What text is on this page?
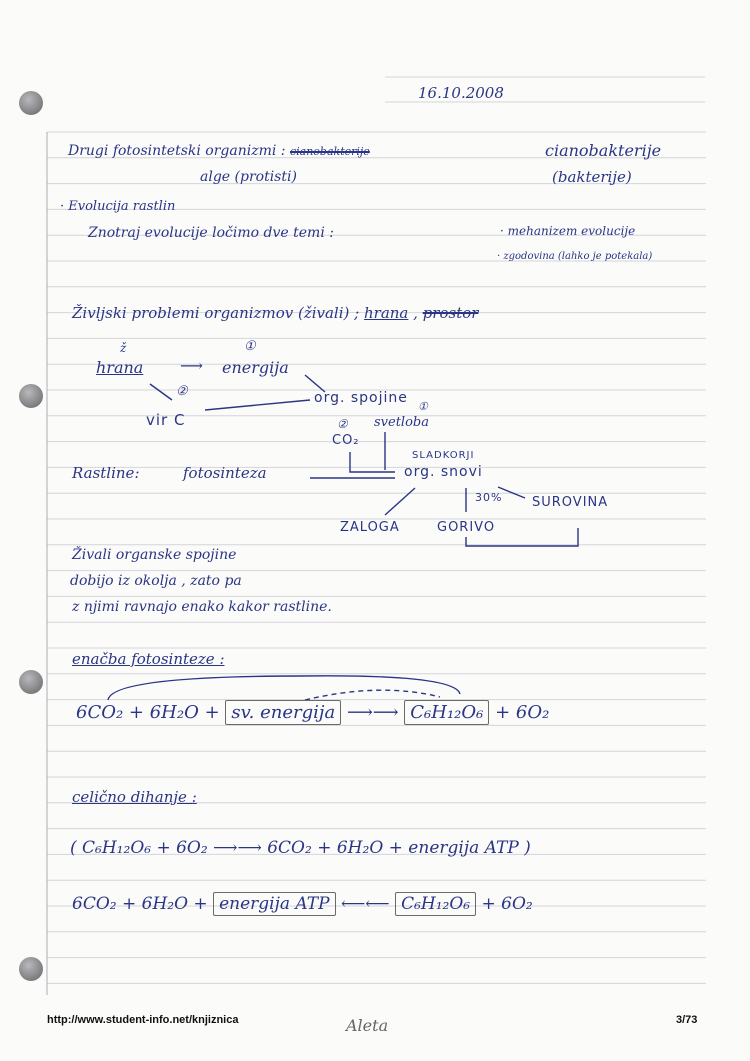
16.10.2008
Drugi fotosintetski organizmi : cianobakterije	cianobakterije
alge (protisti)	(bakterije)
· Evolucija rastlin
Znotraj evolucije ločimo dve temi :	· mehanizem evolucije
· zgodovina (lahko je potekala)
Življski problemi organizmov (živali) ; hrana , prostor
ž
hrana ⟶
①
energija
org. spojine
②
vir C	②
①
CO₂
svetloba
Rastline:	fotosinteza
SLADKORJI
org. snovi
30% SUROVINA
ZALOGA	GORIVO
Živali organske spojine
dobijo iz okolja , zato pa
z njimi ravnajo enako kakor rastline.
enačba fotosinteze :
6CO₂ + 6H₂O + sv. energija ⟶⟶ C₆H₁₂O₆ + 6O₂
celično dihanje :
( C₆H₁₂O₆ + 6O₂ ⟶⟶ 6CO₂ + 6H₂O + energija ATP )
6CO₂ + 6H₂O + energija ATP ⟵⟵ C₆H₁₂O₆ + 6O₂
http://www.student-info.net/knjiznica	Aleta	3/73
